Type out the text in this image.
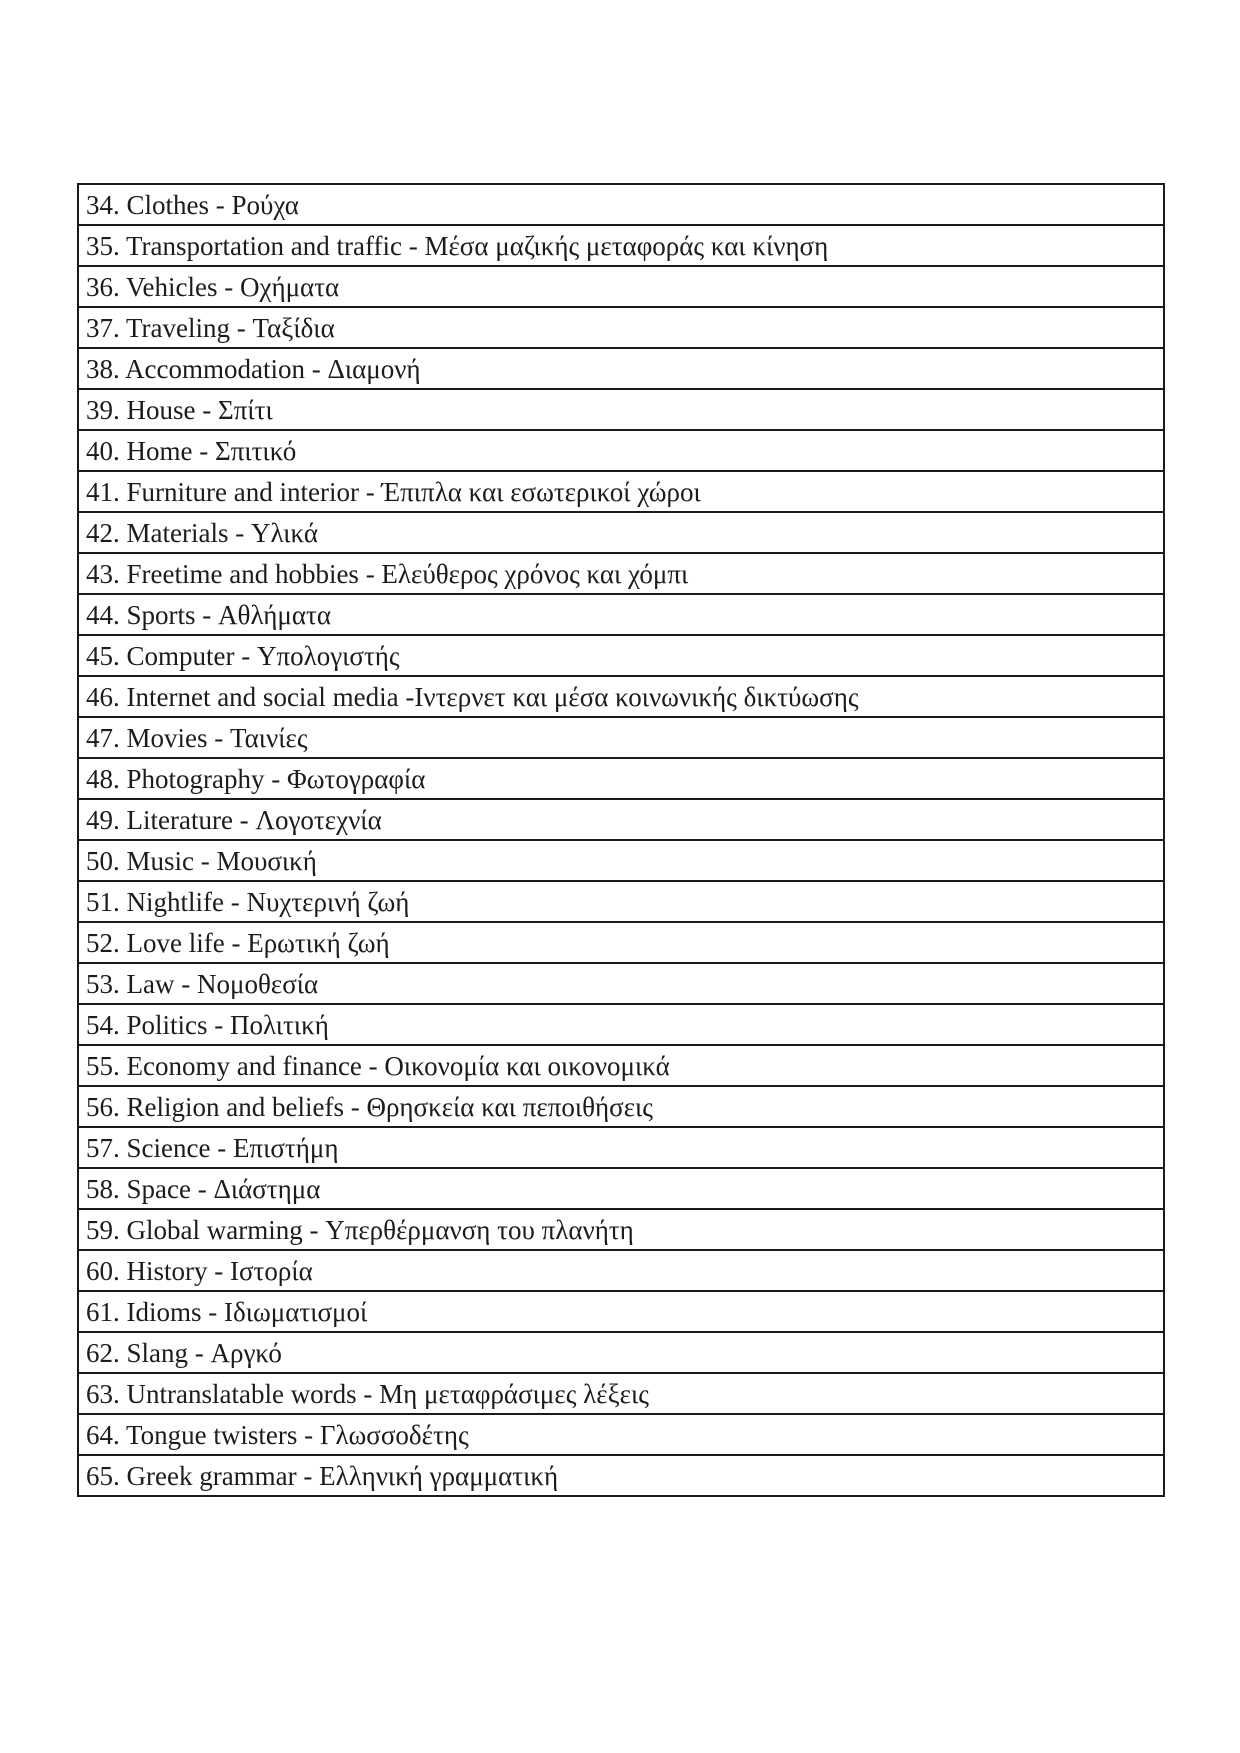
34. Clothes - Ρούχα
35. Transportation and traffic - Μέσα μαζικής μεταφοράς και κίνηση
36. Vehicles - Οχήματα
37. Traveling - Ταξίδια
38. Accommodation - Διαμονή
39. House - Σπίτι
40. Home - Σπιτικό
41. Furniture and interior - Έπιπλα και εσωτερικοί χώροι
42. Materials - Υλικά
43. Freetime and hobbies - Ελεύθερος χρόνος και χόμπι
44. Sports - Αθλήματα
45. Computer - Υπολογιστής
46. Internet and social media -Ιντερνετ και μέσα κοινωνικής δικτύωσης
47. Movies - Ταινίες
48. Photography - Φωτογραφία
49. Literature - Λογοτεχνία
50. Music - Μουσική
51. Nightlife - Νυχτερινή ζωή
52. Love life - Ερωτική ζωή
53. Law - Νομοθεσία
54. Politics - Πολιτική
55. Economy and finance - Οικονομία και οικονομικά
56. Religion and beliefs - Θρησκεία και πεποιθήσεις
57. Science - Επιστήμη
58. Space - Διάστημα
59. Global warming - Υπερθέρμανση του πλανήτη
60. History - Ιστορία
61. Idioms - Ιδιωματισμοί
62. Slang - Αργκό
63. Untranslatable words - Μη μεταφράσιμες λέξεις
64. Tongue twisters - Γλωσσοδέτης
65. Greek grammar - Ελληνική γραμματική
